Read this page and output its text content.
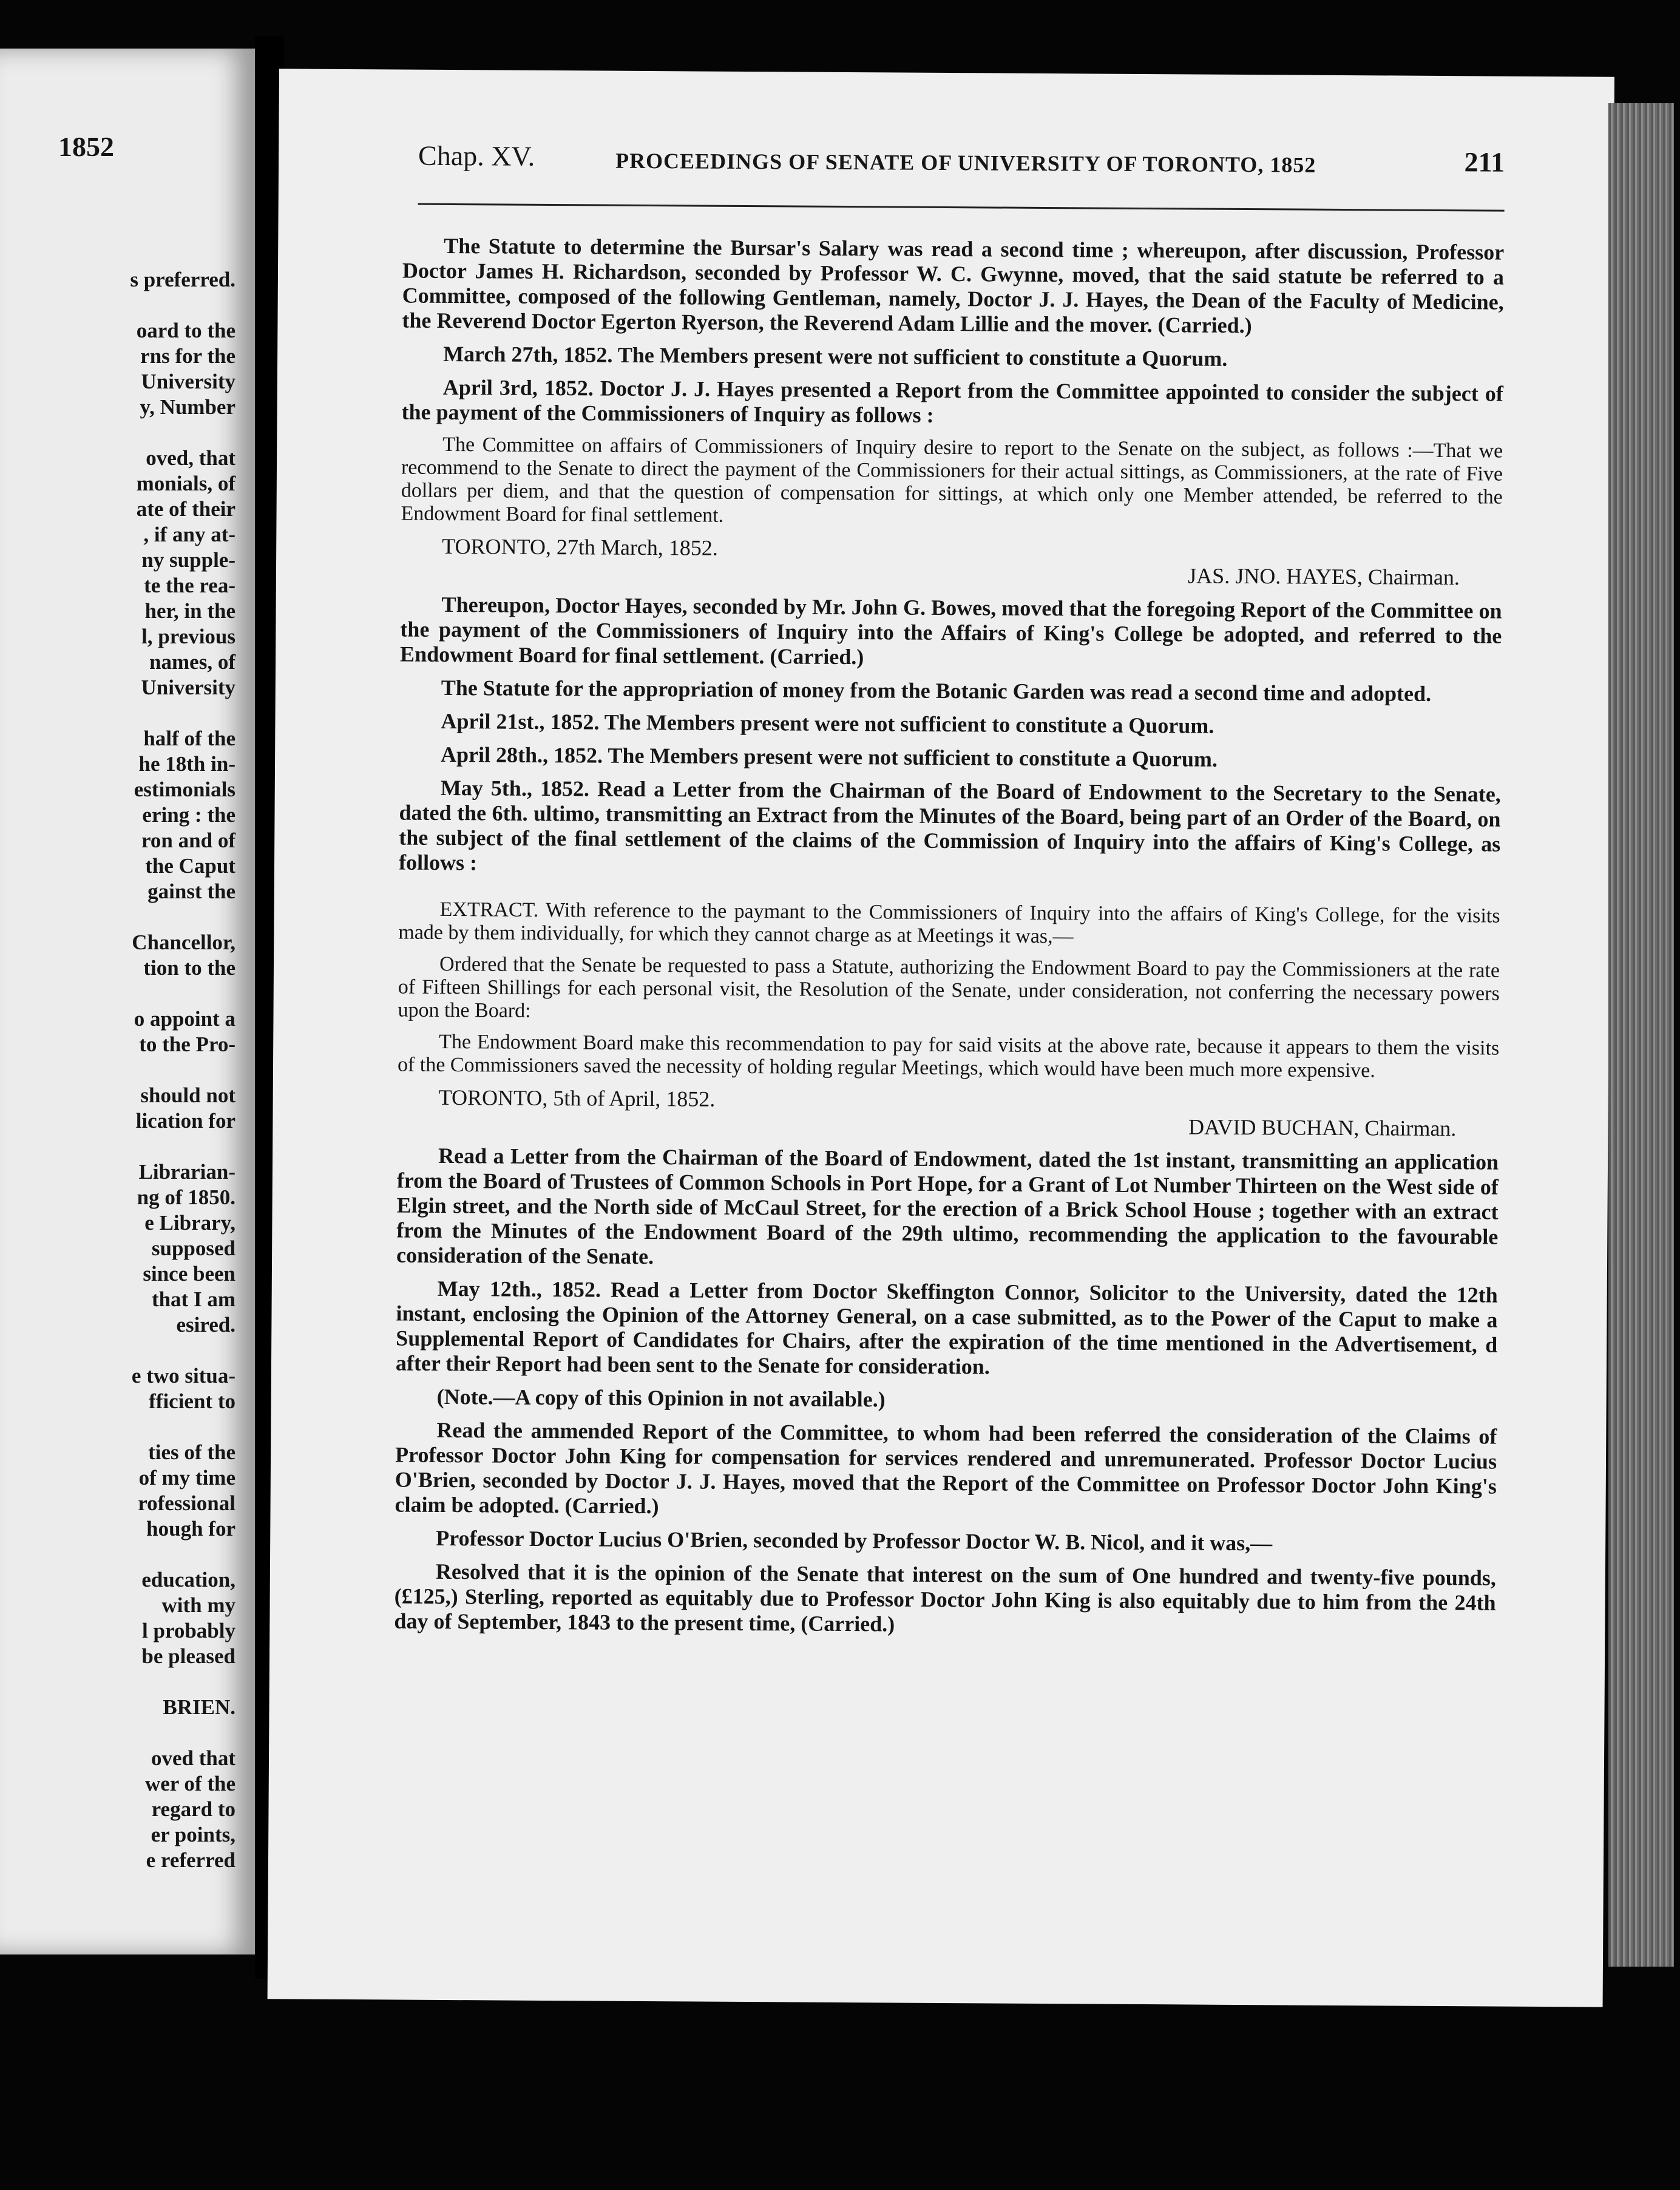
1852
s preferred.
oard to the
rns for the
University
y, Number
oved, that
monials, of
ate of their
, if any at-
ny supple-
te the rea-
her, in the
l, previous
names, of
University
half of the
he 18th in-
estimonials
ering : the
ron and of
the Caput
gainst the
Chancellor,
tion to the
o appoint a
to the Pro-
should not
lication for
Librarian-
ng of 1850.
e Library,
supposed
since been
that I am
esired.
e two situa-
fficient to
ties of the
of my time
rofessional
hough for
education,
with my
l probably
be pleased
BRIEN.
oved that
wer of the
regard to
er points,
e referred
Chap. XV.	PROCEEDINGS OF SENATE OF UNIVERSITY OF TORONTO, 1852	211

The Statute to determine the Bursar's Salary was read a second time ; whereupon, after discussion, Professor Doctor James H. Richardson, seconded by Professor W. C. Gwynne, moved, that the said statute be referred to a Committee, composed of the following Gentleman, namely, Doctor J. J. Hayes, the Dean of the Faculty of Medicine, the Reverend Doctor Egerton Ryerson, the Reverend Adam Lillie and the mover. (Carried.)

March 27th, 1852. The Members present were not sufficient to constitute a Quorum.

April 3rd, 1852. Doctor J. J. Hayes presented a Report from the Committee appointed to consider the subject of the payment of the Commissioners of Inquiry as follows :

The Committee on affairs of Commissioners of Inquiry desire to report to the Senate on the subject, as follows :—That we recommend to the Senate to direct the payment of the Commissioners for their actual sittings, as Commissioners, at the rate of Five dollars per diem, and that the question of compensation for sittings, at which only one Member attended, be referred to the Endowment Board for final settlement.

TORONTO, 27th March, 1852.

JAS. JNO. HAYES, Chairman.

Thereupon, Doctor Hayes, seconded by Mr. John G. Bowes, moved that the foregoing Report of the Committee on the payment of the Commissioners of Inquiry into the Affairs of King's College be adopted, and referred to the Endowment Board for final settlement. (Carried.)

The Statute for the appropriation of money from the Botanic Garden was read a second time and adopted.

April 21st., 1852. The Members present were not sufficient to constitute a Quorum.

April 28th., 1852. The Members present were not sufficient to constitute a Quorum.

May 5th., 1852. Read a Letter from the Chairman of the Board of Endowment to the Secretary to the Senate, dated the 6th. ultimo, transmitting an Extract from the Minutes of the Board, being part of an Order of the Board, on the subject of the final settlement of the claims of the Commission of Inquiry into the affairs of King's College, as follows :

EXTRACT. With reference to the paymant to the Commissioners of Inquiry into the affairs of King's College, for the visits made by them individually, for which they cannot charge as at Meetings it was,—

Ordered that the Senate be requested to pass a Statute, authorizing the Endowment Board to pay the Commissioners at the rate of Fifteen Shillings for each personal visit, the Resolution of the Senate, under consideration, not conferring the necessary powers upon the Board:

The Endowment Board make this recommendation to pay for said visits at the above rate, because it appears to them the visits of the Commissioners saved the necessity of holding regular Meetings, which would have been much more expensive.

TORONTO, 5th of April, 1852.

DAVID BUCHAN, Chairman.

Read a Letter from the Chairman of the Board of Endowment, dated the 1st instant, transmitting an application from the Board of Trustees of Common Schools in Port Hope, for a Grant of Lot Number Thirteen on the West side of Elgin street, and the North side of McCaul Street, for the erection of a Brick School House ; together with an extract from the Minutes of the Endowment Board of the 29th ultimo, recommending the application to the favourable consideration of the Senate.

May 12th., 1852. Read a Letter from Doctor Skeffington Connor, Solicitor to the University, dated the 12th instant, enclosing the Opinion of the Attorney General, on a case submitted, as to the Power of the Caput to make a Supplemental Report of Candidates for Chairs, after the expiration of the time mentioned in the Advertisement, d after their Report had been sent to the Senate for consideration.

(Note.—A copy of this Opinion in not available.)

Read the ammended Report of the Committee, to whom had been referred the consideration of the Claims of Professor Doctor John King for compensation for services rendered and unremunerated. Professor Doctor Lucius O'Brien, seconded by Doctor J. J. Hayes, moved that the Report of the Committee on Professor Doctor John King's claim be adopted. (Carried.)

Professor Doctor Lucius O'Brien, seconded by Professor Doctor W. B. Nicol, and it was,—

Resolved that it is the opinion of the Senate that interest on the sum of One hundred and twenty-five pounds, (£125,) Sterling, reported as equitably due to Professor Doctor John King is also equitably due to him from the 24th day of September, 1843 to the present time, (Carried.)
